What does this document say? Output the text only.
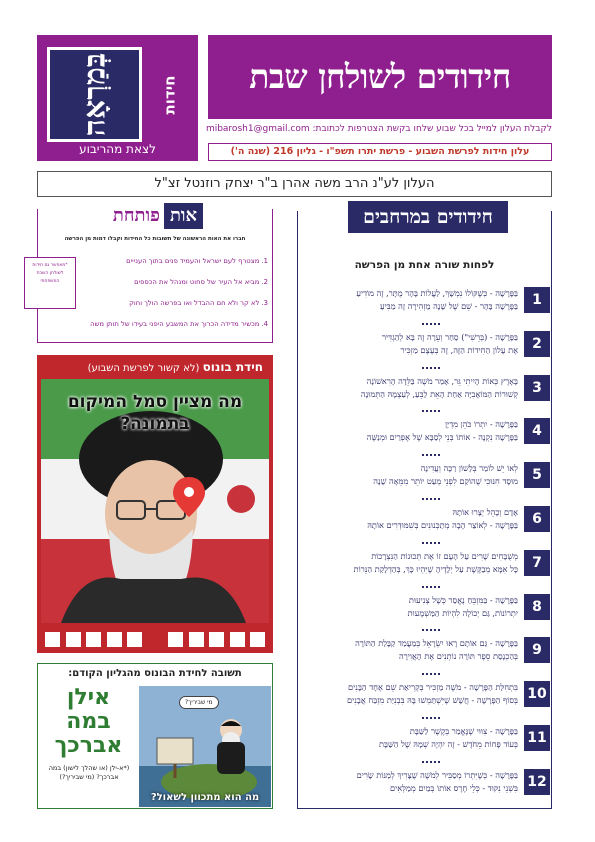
בְּמַרְאָה	חידות
לצאת מהריבוע
חידודים לשולחן שבת
לקבלת העלון למייל בכל שבוע שלחו בקשת הצטרפות לכתובת: mibarosh1@gmail.com
עלון חידות לפרשת השבוע - פרשת יתרו תשפ"ו - גליון 216 (שנה ה')
העלון לע"נ הרב משה אהרן ב"ר יצחק רוזנטל זצ"ל
חידודים במרחבים
לפחות שורה אחת מן הפרשה
1
בַּפָּרָשָׁה - כְּשֶׁקּוֹלוֹ נִמְשָׁךְ, לַעֲלוֹת בָּהָר מֻתָּר, זֶה מוֹדִיעַ
בַּפָּרָשָׁה בָּהָר - שֵׁם שֶׁל שָׁנָה מַזְהִירָה זֶה מַבִּיעַ
2
בַּפָּרָשָׁה - (בְּרֵשִׁי") סַחַר וְעֵרָה זֶה בָּא לְהַגְדִּיר
אֶת עָלוֹן הַחִידוֹת הַזֶּה, זֶה בְּעֶצֶם מַזְכִּיר
3
בָּאָרֶץ כְּאוֹת הָיִיתִי גֵּר, אָמַר מֹשֶׁה בַּלֵּדָה הָרִאשׁוֹנָה
קְשׁוּרוֹת הַמּוֹאָבִיָּה אַחַת הָאֵת לַבֵּעַ, לְעַצְמָהּ הַתְּמוּנָה
4
בַּפָּרָשָׁה - יִתְרוֹ כֹּהֵן מִדְיָן
בַּפָּרָשָׁה נִקְנָה - אוֹתוֹ בְּנֵי לְסַבָּא שֶׁל אֶפְרַיִם וּמְנַשֶּׁה
5
לְאוֹ יֵשׁ לוֹמַר בְּלָשׁוֹן רַכָּה וְעֲדִינָה
מוּסָד חִנּוּכִי שֶׁהוֹקַם לִפְנֵי מְעַט יוֹתֵר מִמֵּאָה שָׁנָה
6
אָדָם וְכָהֵל יְצָרוּ אוֹתָהּ
בַּפָּרָשָׁה - לְאוֹצַר הָבָה מְתַכְּנוּנִים בְּשִׁמּוּדְרִים אוֹתָהּ
7
מְשֻׁבָּחִים שָׁרִים עַל הָעָם זוֹ אֶת תְּכוּנוֹת הַנִּצְרָכוֹת
כָּל אִמָּא מְבַקֶּשֶׁת עַל יְלָדֶיהָ שֶׁיִּהְיוּ כָּךְ, בְּהַדְלָקַת הַנֵּרוֹת
8
בַּפָּרָשָׁה - בַּמִּזְבֵּחַ נֶאֱסַר כְּשֶׁל צְנִיעוּת
יִתְרוֹנוֹת, גַּם יְכוֹלָה לִהְיוֹת הַמַּשְׁמָעוּת
9
בַּפָּרָשָׁה - גַּם אוֹתָם רָאוּ יִשְׂרָאֵל בְּמַעֲמַד קַבָּלַת הַתּוֹרָה
בְּהַכְנָסַת סֵפֶר תּוֹרָה נוֹתְנִים אֶת הָאֲוִירָה
10
בִּתְחִלַּת הַפָּרָשָׁה - מֹשֶׁה מַזְכִּיר בְּקְרִיאַת שֵׁם אֶחָד הַבָּנִים
בְּסוֹף הַפָּרָשָׁה - חֲשָׁשׁ שֶׁיִּשְׁתַּמְשׁוּ בָּהּ בִּבְנִיַּת מִזְבַּח אֲבָנִים
11
בַּפָּרָשָׁה - צִוּוּי שֶׁנֶּאֱמַר בְּקֶשֶׁר לַשַּׁבָּת
בְּעוֹד פָּחוֹת מֵחֹדֶשׁ - זֶה יִהְיֶה שְׁמָהּ שֶׁל הַשַּׁבָּת
12
בַּפָּרָשָׁה - כְּשֶׁיִּתְרוֹ מְסַבִּיר לְמֹשֶׁה שֶׁצָּרִיךְ לְמַנּוֹת שָׂרִים
בִּשְׁנֵי נִקּוּד - כְּלֵי חֶרֶס אוֹתוֹ בְּמַיִם מְמַלְּאִים
אותפותחת
חברו את האות הראשונה של תשובות כל החידות וקבלו דמות מן הפרשה
1. מצטרף לעם ישראל והעמיד פנים בתוך הענייים
2. מביא אל העיר של סחוט ומנהל את הכספים
3. לא קר ולא חם ההבדל ואו בפרשה הולך וחוק
4. מכשיר מדידה הכרוך את המשבע היפני בעידו של תותן משה
*מאפשר גם חידות לשולחן השבת המשפחתי
חידת בונוס (לא קשור לפרשת השבוע)
מה מציין סמל המיקום בתמונה?
תשובה לחידת הבונוס מהגליון הקודם:
אילן
במה
אברכך
(*א-ילן (או שהלך לישון) במה אברכך? (מי שביריך?)
מי שביריך?
מה הוא מתכוון לשאול?
